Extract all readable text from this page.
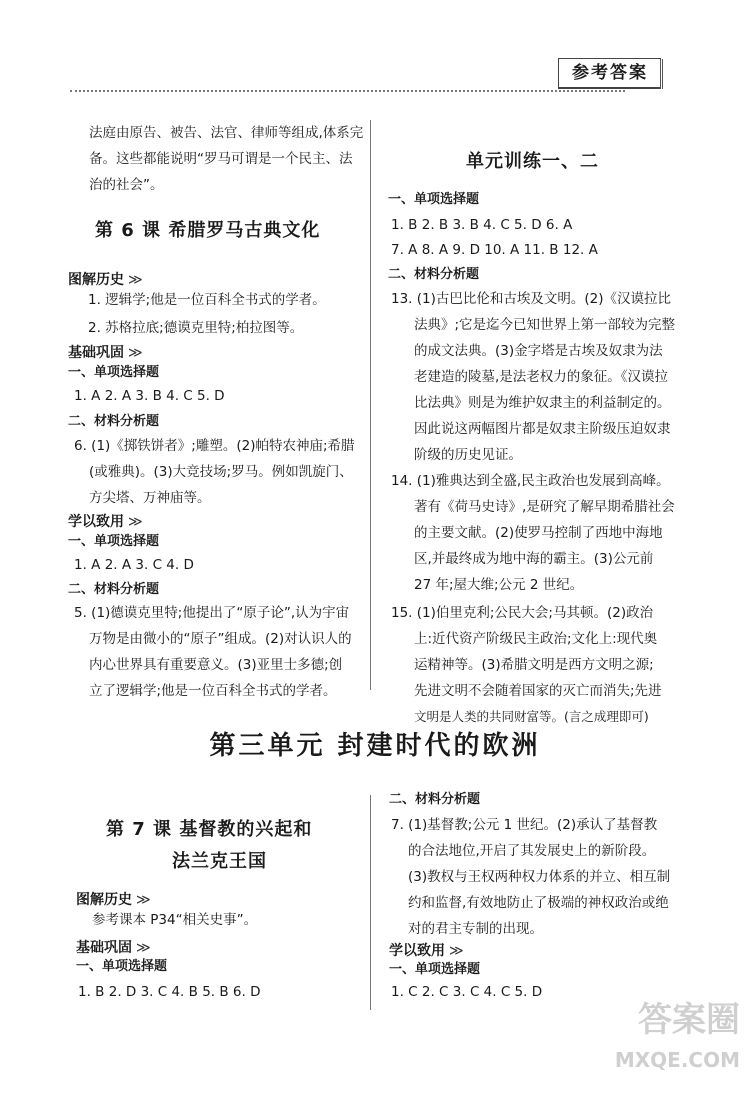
参考答案
法庭由原告、被告、法官、律师等组成,体系完
备。这些都能说明“罗马可谓是一个民主、法
治的社会”。
第 6 课 希腊罗马古典文化
图解历史 ≫
1. 逻辑学;他是一位百科全书式的学者。
2. 苏格拉底;德谟克里特;柏拉图等。
基础巩固 ≫
一、单项选择题
1. A 2. A 3. B 4. C 5. D
二、材料分析题
6. (1)《掷铁饼者》;雕塑。(2)帕特农神庙;希腊
(或雅典)。(3)大竞技场;罗马。例如凯旋门、
方尖塔、万神庙等。
学以致用 ≫
一、单项选择题
1. A 2. A 3. C 4. D
二、材料分析题
5. (1)德谟克里特;他提出了“原子论”,认为宇宙
万物是由微小的“原子”组成。(2)对认识人的
内心世界具有重要意义。(3)亚里士多德;创
立了逻辑学;他是一位百科全书式的学者。
单元训练一、二
一、单项选择题
1. B 2. B 3. B 4. C 5. D 6. A
7. A 8. A 9. D 10. A 11. B 12. A
二、材料分析题
13. (1)古巴比伦和古埃及文明。(2)《汉谟拉比
法典》;它是迄今已知世界上第一部较为完整
的成文法典。(3)金字塔是古埃及奴隶为法
老建造的陵墓,是法老权力的象征。《汉谟拉
比法典》则是为维护奴隶主的利益制定的。
因此说这两幅图片都是奴隶主阶级压迫奴隶
阶级的历史见证。
14. (1)雅典达到全盛,民主政治也发展到高峰。
著有《荷马史诗》,是研究了解早期希腊社会
的主要文献。(2)使罗马控制了西地中海地
区,并最终成为地中海的霸主。(3)公元前
27 年;屋大维;公元 2 世纪。
15. (1)伯里克利;公民大会;马其顿。(2)政治
上:近代资产阶级民主政治;文化上:现代奥
运精神等。(3)希腊文明是西方文明之源;
先进文明不会随着国家的灭亡而消失;先进
文明是人类的共同财富等。(言之成理即可)
第三单元 封建时代的欧洲
第 7 课 基督教的兴起和
法兰克王国
图解历史 ≫
参考课本 P34“相关史事”。
基础巩固 ≫
一、单项选择题
1. B 2. D 3. C 4. B 5. B 6. D
二、材料分析题
7. (1)基督教;公元 1 世纪。(2)承认了基督教
的合法地位,开启了其发展史上的新阶段。
(3)教权与王权两种权力体系的并立、相互制
约和监督,有效地防止了极端的神权政治或绝
对的君主专制的出现。
学以致用 ≫
一、单项选择题
1. C 2. C 3. C 4. C 5. D
答案圈
MXQE.COM
